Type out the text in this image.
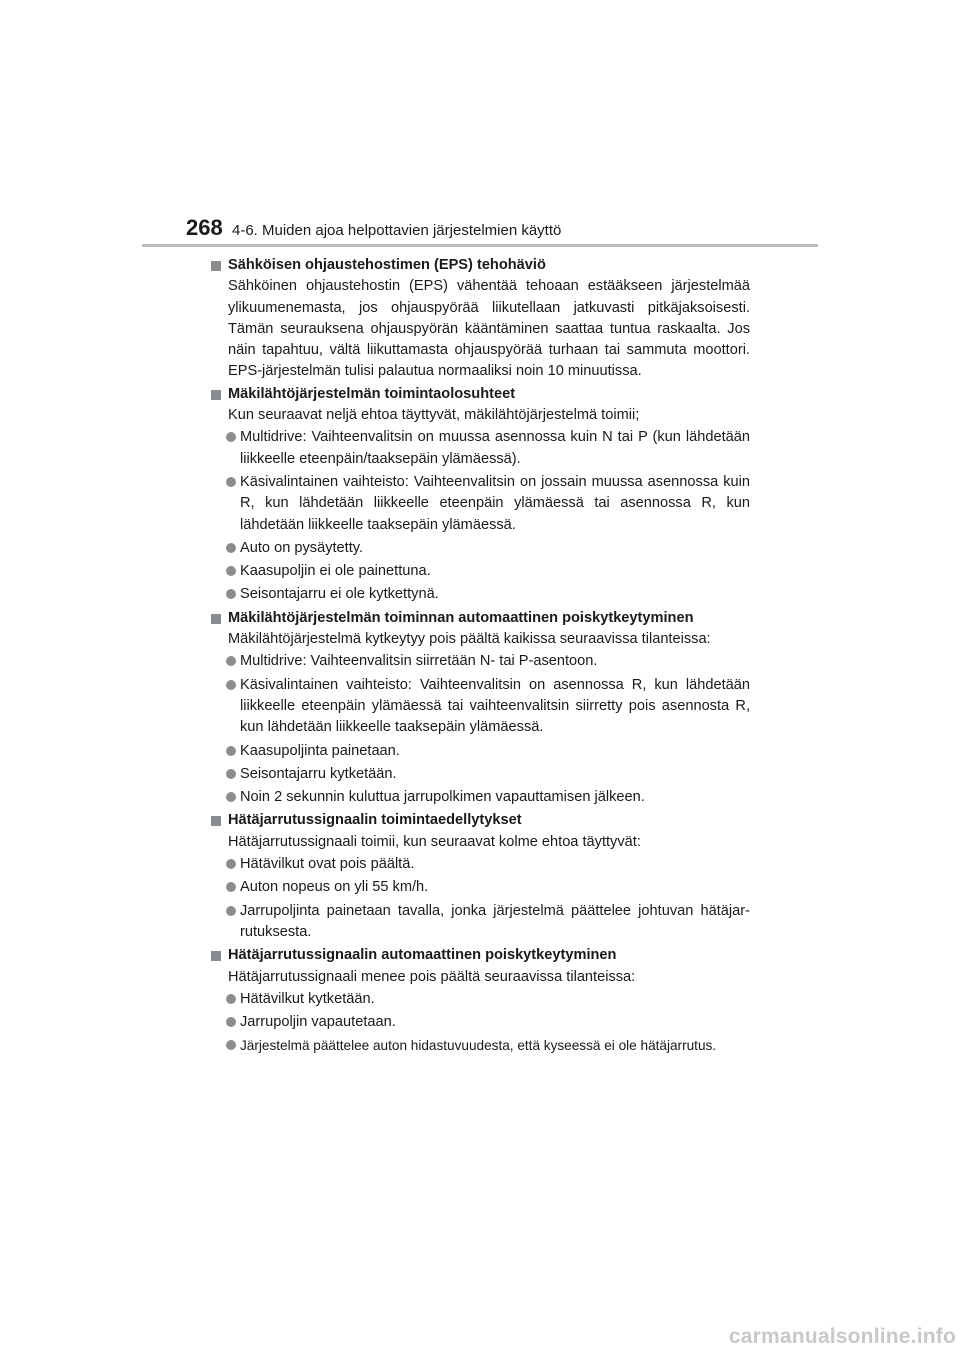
268 4-6. Muiden ajoa helpottavien järjestelmien käyttö
Sähköisen ohjaustehostimen (EPS) tehohäviö
Sähköinen ohjaustehostin (EPS) vähentää tehoaan estääkseen järjestelmää ylikuumenemasta, jos ohjauspyörää liikutellaan jatkuvasti pitkäjaksoisesti. Tämän seurauksena ohjauspyörän kääntäminen saattaa tuntua raskaalta. Jos näin tapahtuu, vältä liikuttamasta ohjauspyörää turhaan tai sammuta moottori. EPS-järjestelmän tulisi palautua normaaliksi noin 10 minuutissa.
Mäkilähtöjärjestelmän toimintaolosuhteet
Kun seuraavat neljä ehtoa täyttyvät, mäkilähtöjärjestelmä toimii;
Multidrive: Vaihteenvalitsin on muussa asennossa kuin N tai P (kun lähdetään liikkeelle eteenpäin/taaksepäin ylämäessä).
Käsivalintainen vaihteisto: Vaihteenvalitsin on jossain muussa asennossa kuin R, kun lähdetään liikkeelle eteenpäin ylämäessä tai asennossa R, kun lähdetään liikkeelle taaksepäin ylämäessä.
Auto on pysäytetty.
Kaasupoljin ei ole painettuna.
Seisontajarru ei ole kytkettynä.
Mäkilähtöjärjestelmän toiminnan automaattinen poiskytkeytyminen
Mäkilähtöjärjestelmä kytkeytyy pois päältä kaikissa seuraavissa tilanteissa:
Multidrive: Vaihteenvalitsin siirretään N- tai P-asentoon.
Käsivalintainen vaihteisto: Vaihteenvalitsin on asennossa R, kun lähdetään liikkeelle eteenpäin ylämäessä tai vaihteenvalitsin siirretty pois asennosta R, kun lähdetään liikkeelle taaksepäin ylämäessä.
Kaasupoljinta painetaan.
Seisontajarru kytketään.
Noin 2 sekunnin kuluttua jarrupolkimen vapauttamisen jälkeen.
Hätäjarrutussignaalin toimintaedellytykset
Hätäjarrutussignaali toimii, kun seuraavat kolme ehtoa täyttyvät:
Hätävilkut ovat pois päältä.
Auton nopeus on yli 55 km/h.
Jarrupoljinta painetaan tavalla, jonka järjestelmä päättelee johtuvan hätäjarrutuksesta.
Hätäjarrutussignaalin automaattinen poiskytkeytyminen
Hätäjarrutussignaali menee pois päältä seuraavissa tilanteissa:
Hätävilkut kytketään.
Jarrupoljin vapautetaan.
Järjestelmä päättelee auton hidastuvuudesta, että kyseessä ei ole hätäjarrutus.
carmanualsonline.info
